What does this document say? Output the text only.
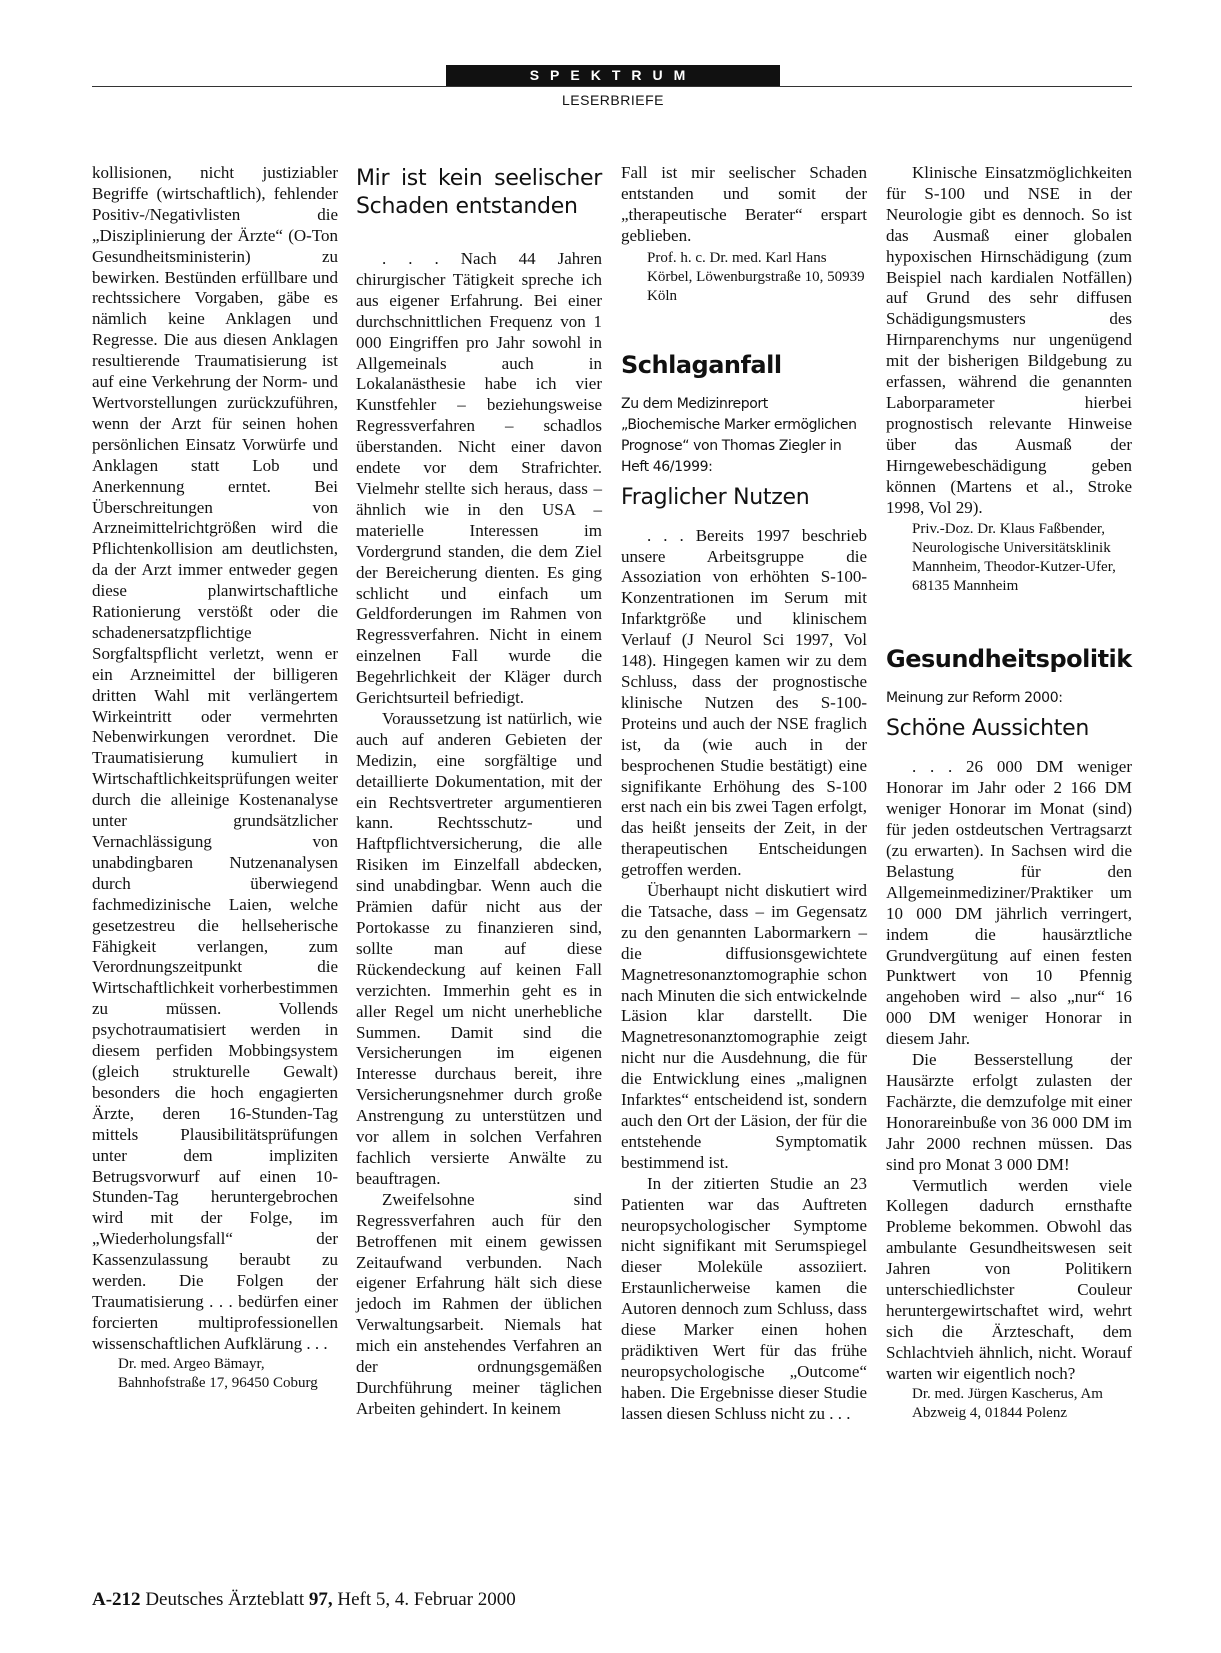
SPEKTRUM
LESERBRIEFE

kollisionen, nicht justiziabler Begriffe (wirtschaftlich), fehlender Positiv-/Negativlisten die „Disziplinierung der Ärzte“ (O-Ton Gesundheitsministerin) zu bewirken. Bestünden erfüllbare und rechtssichere Vorgaben, gäbe es nämlich keine Anklagen und Regresse. Die aus diesen Anklagen resultierende Traumatisierung ist auf eine Verkehrung der Norm- und Wertvorstellungen zurückzuführen, wenn der Arzt für seinen hohen persönlichen Einsatz Vorwürfe und Anklagen statt Lob und Anerkennung erntet. Bei Überschreitungen von Arzneimittelrichtgrößen wird die Pflichtenkollision am deutlichsten, da der Arzt immer entweder gegen diese planwirtschaftliche Rationierung verstößt oder die schadenersatzpflichtige Sorgfaltspflicht verletzt, wenn er ein Arzneimittel der billigeren dritten Wahl mit verlängertem Wirkeintritt oder vermehrten Nebenwirkungen verordnet. Die Traumatisierung kumuliert in Wirtschaftlichkeitsprüfungen weiter durch die alleinige Kostenanalyse unter grundsätzlicher Vernachlässigung von unabdingbaren Nutzenanalysen durch überwiegend fachmedizinische Laien, welche gesetzestreu die hellseherische Fähigkeit verlangen, zum Verordnungszeitpunkt die Wirtschaftlichkeit vorherbestimmen zu müssen. Vollends psychotraumatisiert werden in diesem perfiden Mobbingsystem (gleich strukturelle Gewalt) besonders die hoch engagierten Ärzte, deren 16-Stunden-Tag mittels Plausibilitätsprüfungen unter dem impliziten Betrugsvorwurf auf einen 10-Stunden-Tag heruntergebrochen wird mit der Folge, im „Wiederholungsfall“ der Kassenzulassung beraubt zu werden. Die Folgen der Traumatisierung . . . bedürfen einer forcierten multiprofessionellen wissenschaftlichen Aufklärung . . .

Dr. med. Argeo Bämayr, Bahnhofstraße 17, 96450 Coburg

Mir ist kein seelischer Schaden entstanden

. . . Nach 44 Jahren chirurgischer Tätigkeit spreche ich aus eigener Erfahrung. Bei einer durchschnittlichen Frequenz von 1 000 Eingriffen pro Jahr sowohl in Allgemeinals auch in Lokalanästhesie habe ich vier Kunstfehler – beziehungsweise Regressverfahren – schadlos überstanden. Nicht einer davon endete vor dem Strafrichter. Vielmehr stellte sich heraus, dass – ähnlich wie in den USA – materielle Interessen im Vordergrund standen, die dem Ziel der Bereicherung dienten. Es ging schlicht und einfach um Geldforderungen im Rahmen von Regressverfahren. Nicht in einem einzelnen Fall wurde die Begehrlichkeit der Kläger durch Gerichtsurteil befriedigt.

Voraussetzung ist natürlich, wie auch auf anderen Gebieten der Medizin, eine sorgfältige und detaillierte Dokumentation, mit der ein Rechtsvertreter argumentieren kann. Rechtsschutz- und Haftpflichtversicherung, die alle Risiken im Einzelfall abdecken, sind unabdingbar. Wenn auch die Prämien dafür nicht aus der Portokasse zu finanzieren sind, sollte man auf diese Rückendeckung auf keinen Fall verzichten. Immerhin geht es in aller Regel um nicht unerhebliche Summen. Damit sind die Versicherungen im eigenen Interesse durchaus bereit, ihre Versicherungsnehmer durch große Anstrengung zu unterstützen und vor allem in solchen Verfahren fachlich versierte Anwälte zu beauftragen.

Zweifelsohne sind Regressverfahren auch für den Betroffenen mit einem gewissen Zeitaufwand verbunden. Nach eigener Erfahrung hält sich diese jedoch im Rahmen der üblichen Verwaltungsarbeit. Niemals hat mich ein anstehendes Verfahren an der ordnungsgemäßen Durchführung meiner täglichen Arbeiten gehindert. In keinem

Fall ist mir seelischer Schaden entstanden und somit der „therapeutische Berater“ erspart geblieben.

Prof. h. c. Dr. med. Karl Hans Körbel, Löwenburgstraße 10, 50939 Köln

Schlaganfall

Zu dem Medizinreport „Biochemische Marker ermöglichen Prognose“ von Thomas Ziegler in Heft 46/1999:

Fraglicher Nutzen

. . . Bereits 1997 beschrieb unsere Arbeitsgruppe die Assoziation von erhöhten S-100-Konzentrationen im Serum mit Infarktgröße und klinischem Verlauf (J Neurol Sci 1997, Vol 148). Hingegen kamen wir zu dem Schluss, dass der prognostische klinische Nutzen des S-100-Proteins und auch der NSE fraglich ist, da (wie auch in der besprochenen Studie bestätigt) eine signifikante Erhöhung des S-100 erst nach ein bis zwei Tagen erfolgt, das heißt jenseits der Zeit, in der therapeutischen Entscheidungen getroffen werden.

Überhaupt nicht diskutiert wird die Tatsache, dass – im Gegensatz zu den genannten Labormarkern – die diffusionsgewichtete Magnetresonanztomographie schon nach Minuten die sich entwickelnde Läsion klar darstellt. Die Magnetresonanztomographie zeigt nicht nur die Ausdehnung, die für die Entwicklung eines „malignen Infarktes“ entscheidend ist, sondern auch den Ort der Läsion, der für die entstehende Symptomatik bestimmend ist.

In der zitierten Studie an 23 Patienten war das Auftreten neuropsychologischer Symptome nicht signifikant mit Serumspiegel dieser Moleküle assoziiert. Erstaunlicherweise kamen die Autoren dennoch zum Schluss, dass diese Marker einen hohen prädiktiven Wert für das frühe neuropsychologische „Outcome“ haben. Die Ergebnisse dieser Studie lassen diesen Schluss nicht zu . . .

Klinische Einsatzmöglichkeiten für S-100 und NSE in der Neurologie gibt es dennoch. So ist das Ausmaß einer globalen hypoxischen Hirnschädigung (zum Beispiel nach kardialen Notfällen) auf Grund des sehr diffusen Schädigungsmusters des Hirnparenchyms nur ungenügend mit der bisherigen Bildgebung zu erfassen, während die genannten Laborparameter hierbei prognostisch relevante Hinweise über das Ausmaß der Hirngewebeschädigung geben können (Martens et al., Stroke 1998, Vol 29).

Priv.-Doz. Dr. Klaus Faßbender, Neurologische Universitätsklinik Mannheim, Theodor-Kutzer-Ufer, 68135 Mannheim

Gesundheitspolitik

Meinung zur Reform 2000:

Schöne Aussichten

. . . 26 000 DM weniger Honorar im Jahr oder 2 166 DM weniger Honorar im Monat (sind) für jeden ostdeutschen Vertragsarzt (zu erwarten). In Sachsen wird die Belastung für den Allgemeinmediziner/Praktiker um 10 000 DM jährlich verringert, indem die hausärztliche Grundvergütung auf einen festen Punktwert von 10 Pfennig angehoben wird – also „nur“ 16 000 DM weniger Honorar in diesem Jahr.

Die Besserstellung der Hausärzte erfolgt zulasten der Fachärzte, die demzufolge mit einer Honorareinbuße von 36 000 DM im Jahr 2000 rechnen müssen. Das sind pro Monat 3 000 DM!

Vermutlich werden viele Kollegen dadurch ernsthafte Probleme bekommen. Obwohl das ambulante Gesundheitswesen seit Jahren von Politikern unterschiedlichster Couleur heruntergewirtschaftet wird, wehrt sich die Ärzteschaft, dem Schlachtvieh ähnlich, nicht. Worauf warten wir eigentlich noch?

Dr. med. Jürgen Kascherus, Am Abzweig 4, 01844 Polenz

A-212 Deutsches Ärzteblatt 97, Heft 5, 4. Februar 2000
